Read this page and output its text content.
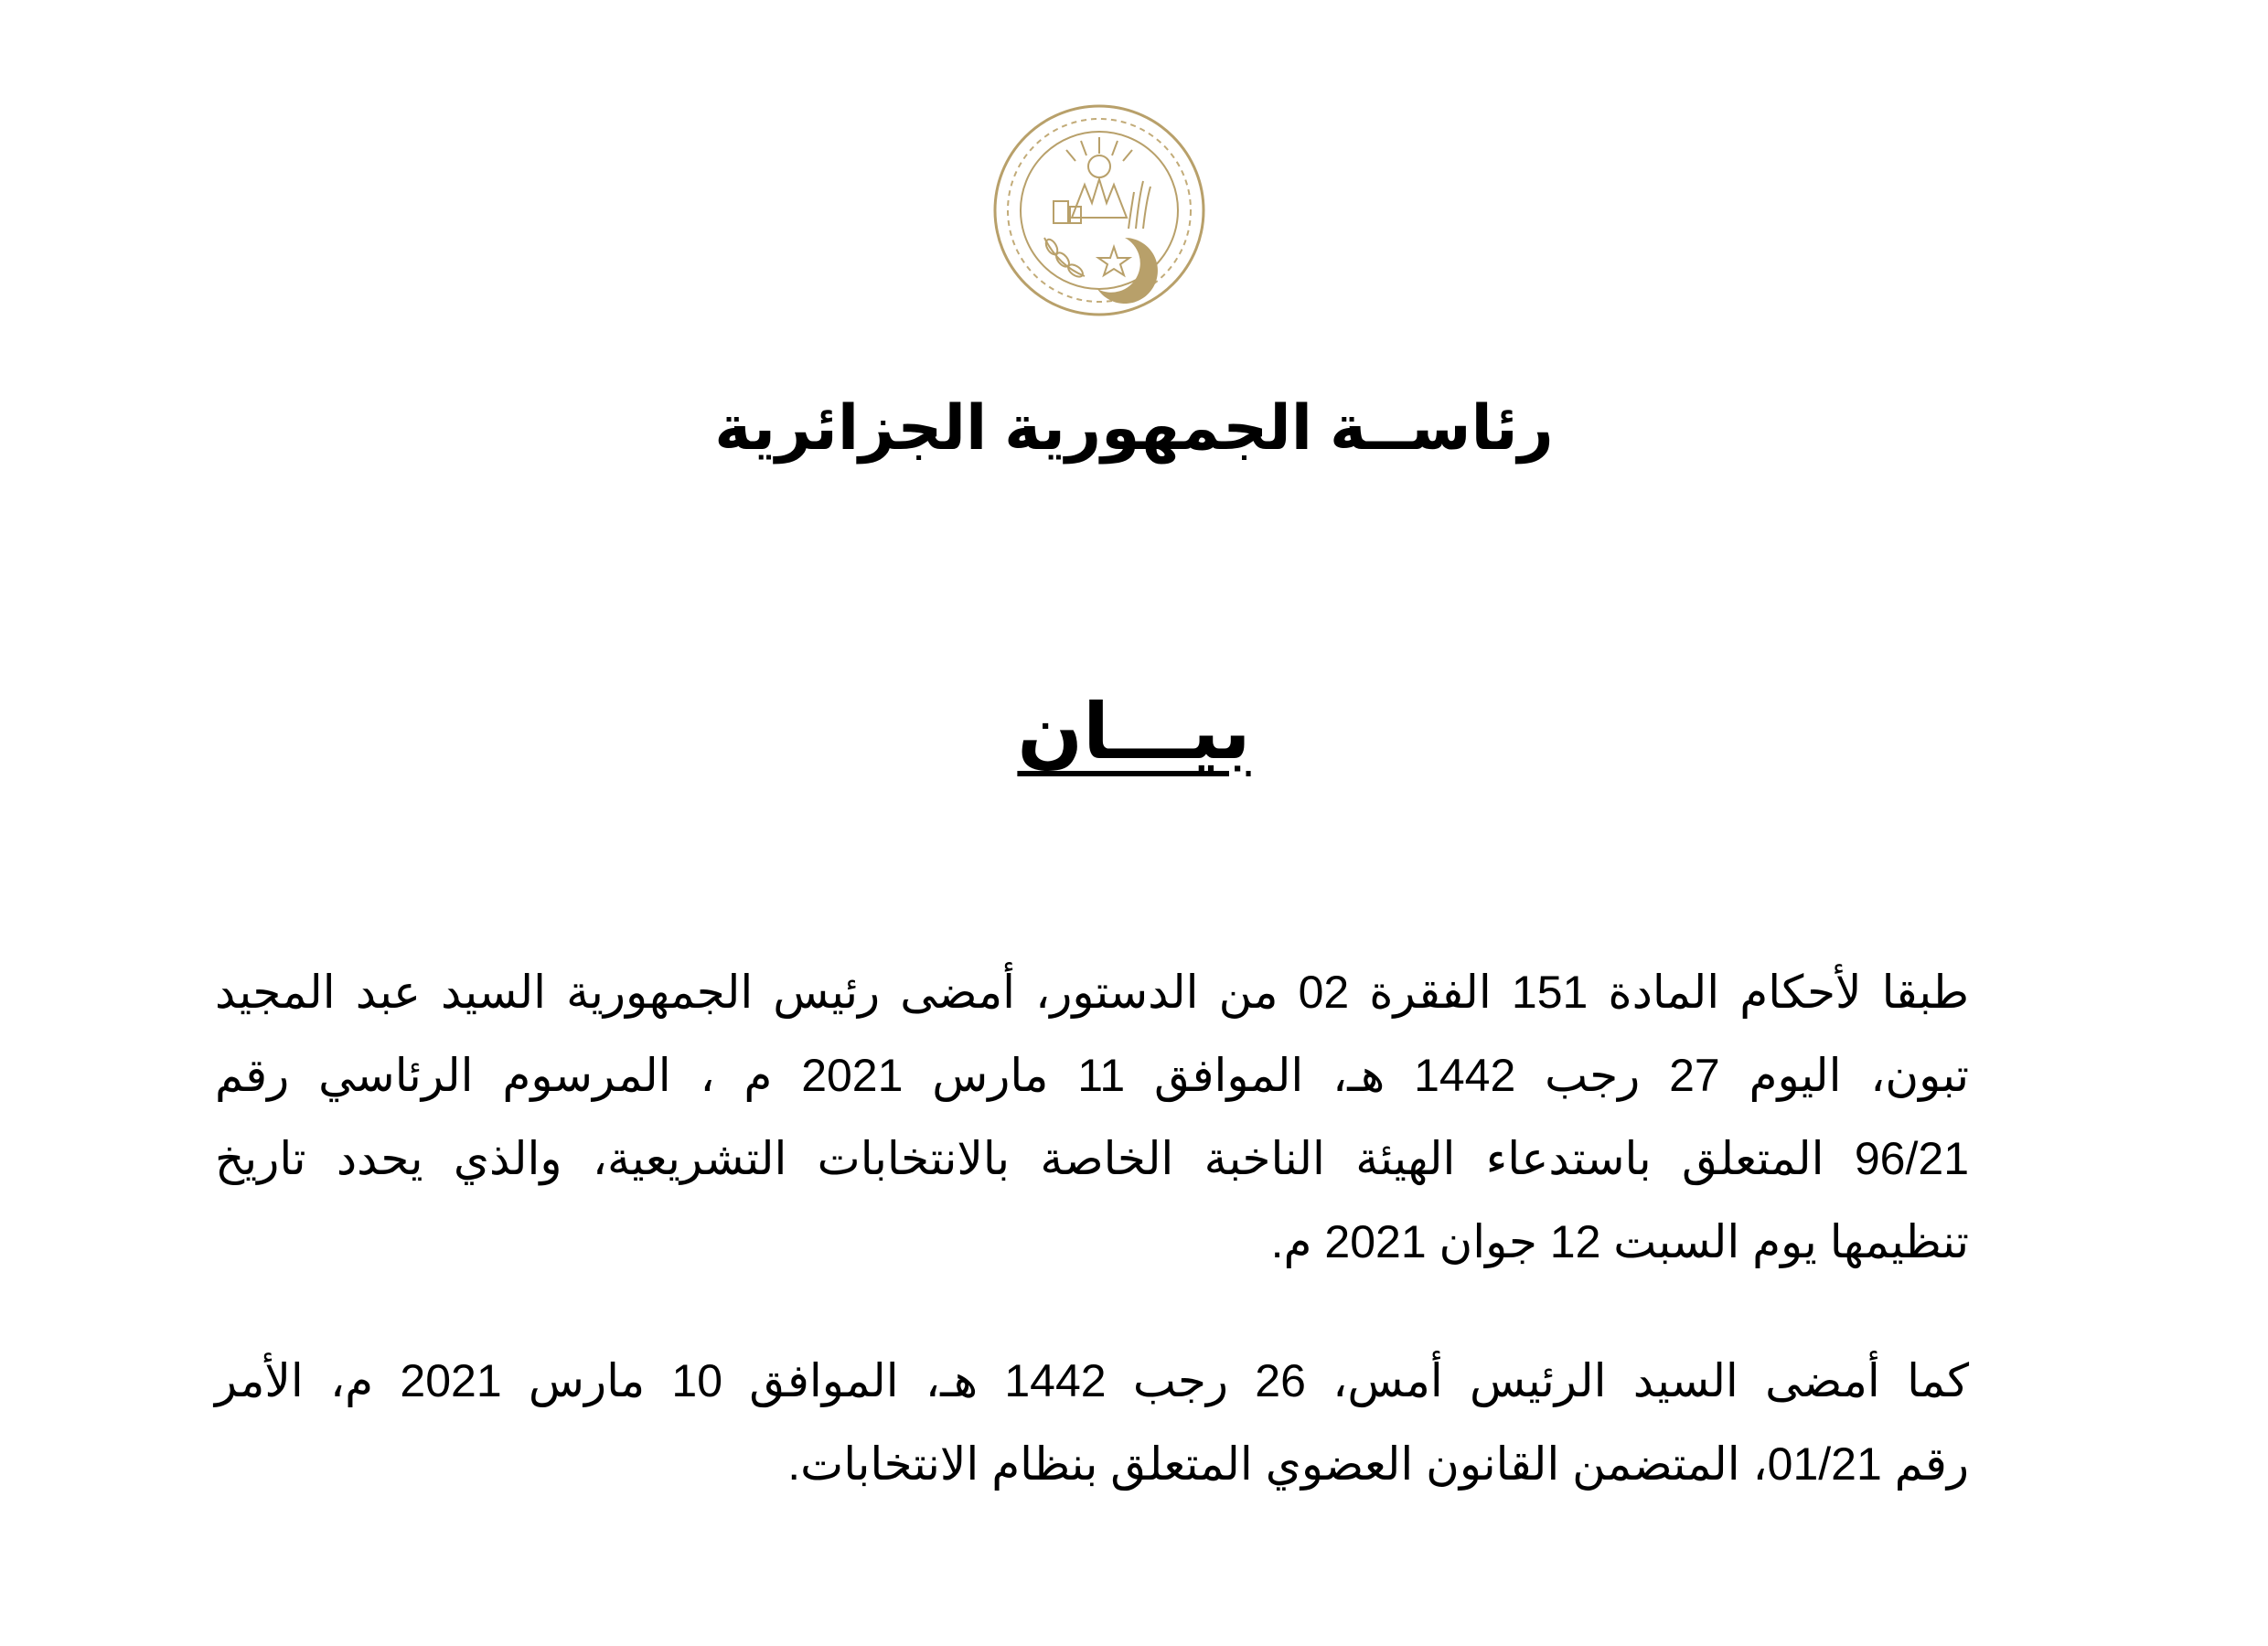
رئاســة الجمهورية الجزائرية
بيـــان
طبقا لأحكام المادة 151 الفقرة 02 من الدستور، أمضى رئيس الجمهورية السيد عبد المجيد
تبون، اليوم 27 رجب 1442 هـ، الموافق 11 مارس 2021 م ، المرسوم الرئاسي رقم
96/21 المتعلق باستدعاء الهيئة الناخبة الخاصة بالانتخابات التشريعية، والذي يحدد تاريخ
تنظيمها يوم السبت 12 جوان 2021 م.
كما أمضى السيد الرئيس أمس، 26 رجب 1442 هـ، الموافق 10 مارس 2021 م، الأمر
رقم 01/21، المتضمن القانون العضوي المتعلق بنظام الانتخابات.
